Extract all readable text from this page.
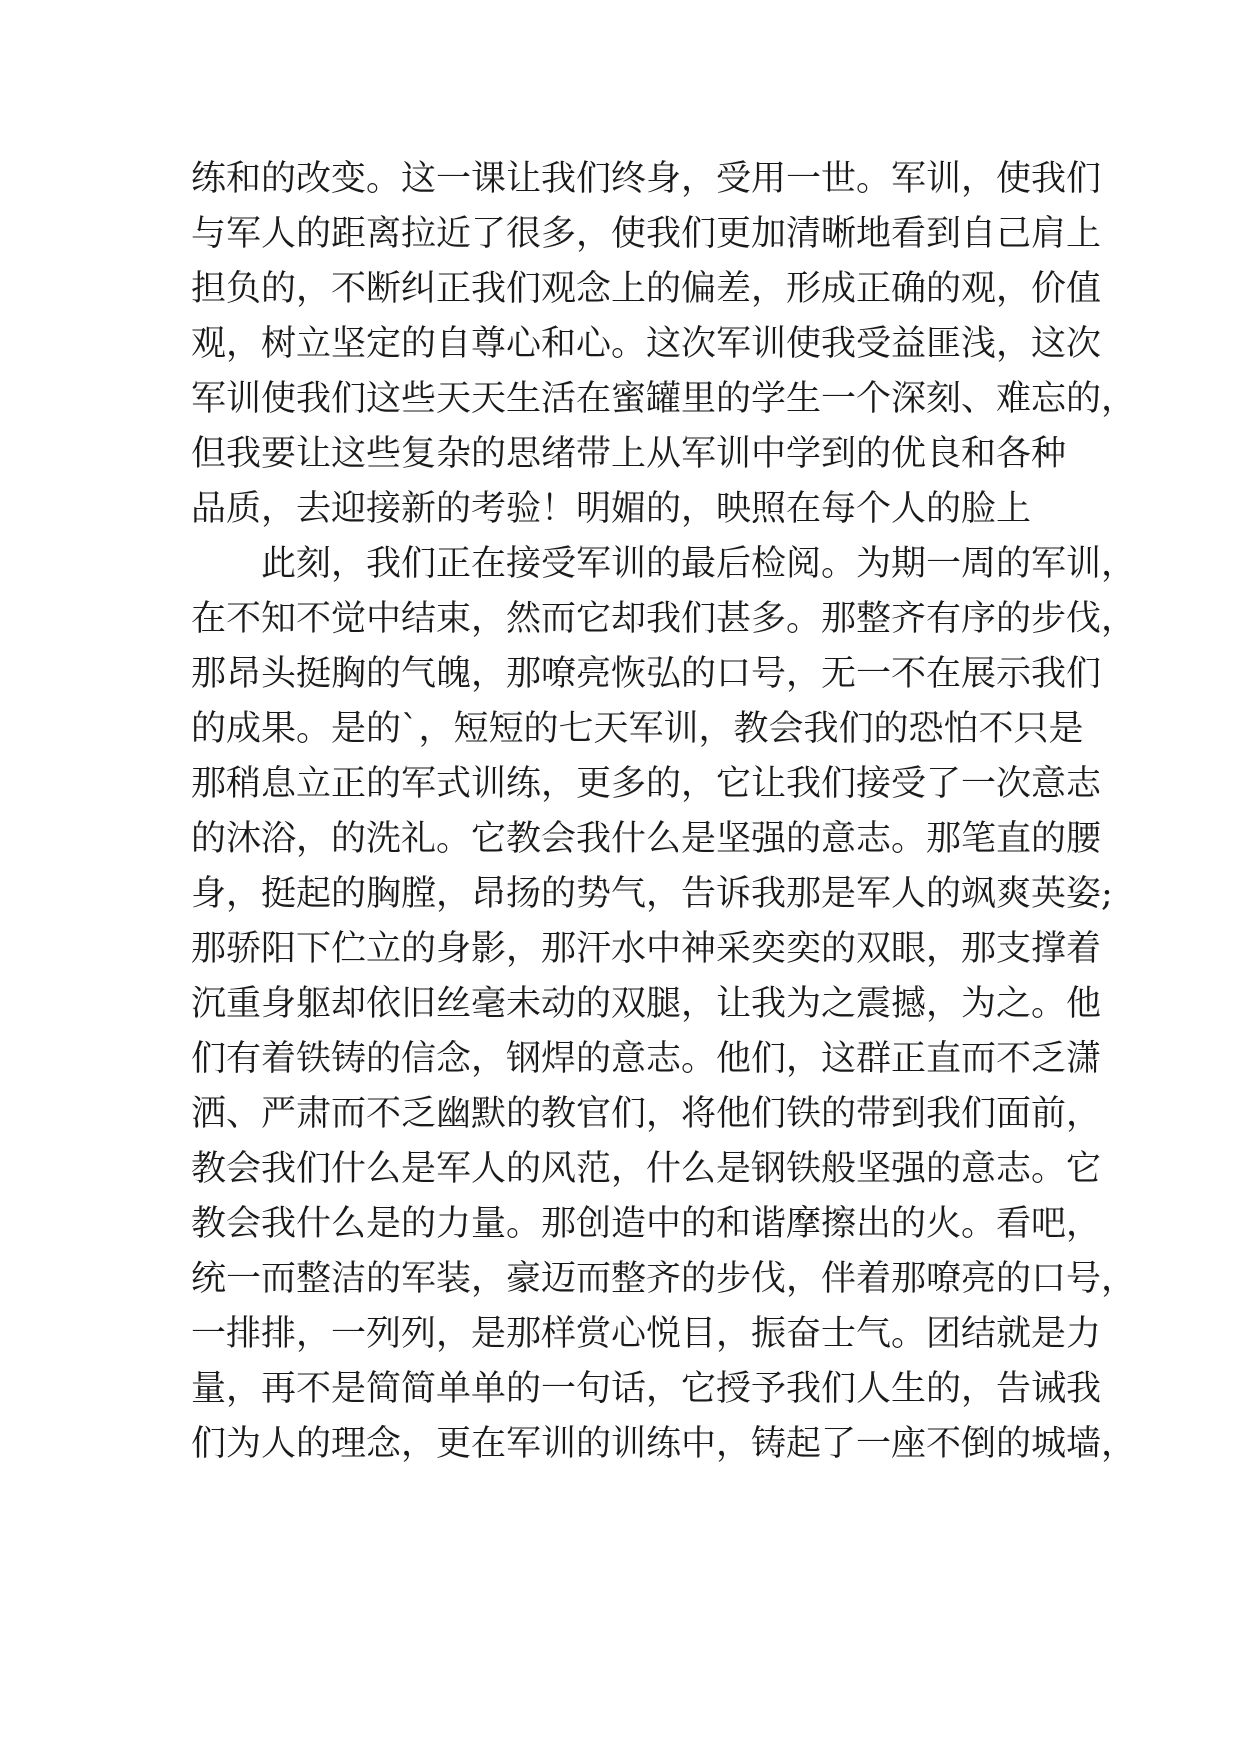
练和的改变。这一课让我们终身，受用一世。军训，使我们
与军人的距离拉近了很多，使我们更加清晰地看到自己肩上
担负的，不断纠正我们观念上的偏差，形成正确的观，价值
观，树立坚定的自尊心和心。这次军训使我受益匪浅，这次
军训使我们这些天天生活在蜜罐里的学生一个深刻、难忘的，
但我要让这些复杂的思绪带上从军训中学到的优良和各种
品质，去迎接新的考验！明媚的，映照在每个人的脸上
此刻，我们正在接受军训的最后检阅。为期一周的军训，
在不知不觉中结束，然而它却我们甚多。那整齐有序的步伐，
那昂头挺胸的气魄，那嘹亮恢弘的口号，无一不在展示我们
的成果。是的`，短短的七天军训，教会我们的恐怕不只是
那稍息立正的军式训练，更多的，它让我们接受了一次意志
的沐浴，的洗礼。它教会我什么是坚强的意志。那笔直的腰
身，挺起的胸膛，昂扬的势气，告诉我那是军人的飒爽英姿;
那骄阳下伫立的身影，那汗水中神采奕奕的双眼，那支撑着
沉重身躯却依旧丝毫未动的双腿，让我为之震撼，为之。他
们有着铁铸的信念，钢焊的意志。他们，这群正直而不乏潇
洒、严肃而不乏幽默的教官们，将他们铁的带到我们面前，
教会我们什么是军人的风范，什么是钢铁般坚强的意志。它
教会我什么是的力量。那创造中的和谐摩擦出的火。看吧，
统一而整洁的军装，豪迈而整齐的步伐，伴着那嘹亮的口号，
一排排，一列列，是那样赏心悦目，振奋士气。团结就是力
量，再不是简简单单的一句话，它授予我们人生的，告诫我
们为人的理念，更在军训的训练中，铸起了一座不倒的城墙，
